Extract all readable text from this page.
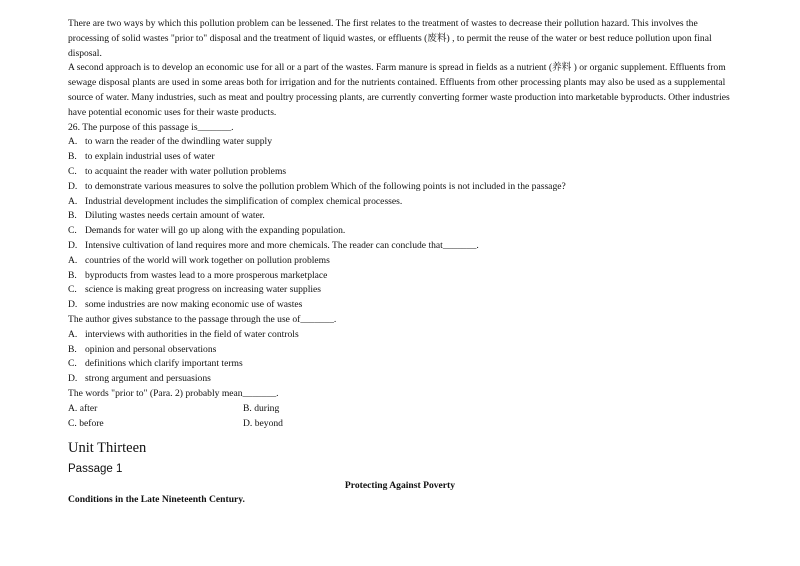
There are two ways by which this pollution problem can be lessened. The first relates to the treatment of wastes to decrease their pollution hazard. This involves the processing of solid wastes "prior to" disposal and the treatment of liquid wastes, or effluents (废料) , to permit the reuse of the water or best reduce pollution upon final disposal.

A second approach is to develop an economic use for all or a part of the wastes. Farm manure is spread in fields as a nutrient (养料 ) or organic supplement. Effluents from sewage disposal plants are used in some areas both for irrigation and for the nutrients contained. Effluents from other processing plants may also be used as a supplemental source of water. Many industries, such as meat and poultry processing plants, are currently converting former waste production into marketable byproducts. Other industries have potential economic uses for their waste products.

26. The purpose of this passage is_______.

A. to warn the reader of the dwindling water supply
B. to explain industrial uses of water
C. to acquaint the reader with water pollution problems
D. to demonstrate various measures to solve the pollution problem Which of the following points is not included in the passage?
A. Industrial development includes the simplification of complex chemical processes.
B. Diluting wastes needs certain amount of water.
C. Demands for water will go up along with the expanding population.
D. Intensive cultivation of land requires more and more chemicals. The reader can conclude that_______.
A. countries of the world will work together on pollution problems
B. byproducts from wastes lead to a more prosperous marketplace
C. science is making great progress on increasing water supplies
D. some industries are now making economic use of wastes

The author gives substance to the passage through the use of_______.

A. interviews with authorities in the field of water controls
B. opinion and personal observations
C. definitions which clarify important terms
D. strong argument and persuasions

The words "prior to" (Para. 2) probably mean_______.

A. after	B. during
C. before	D. beyond
Unit Thirteen
Passage 1
Protecting Against Poverty
Conditions in the Late Nineteenth Century.
